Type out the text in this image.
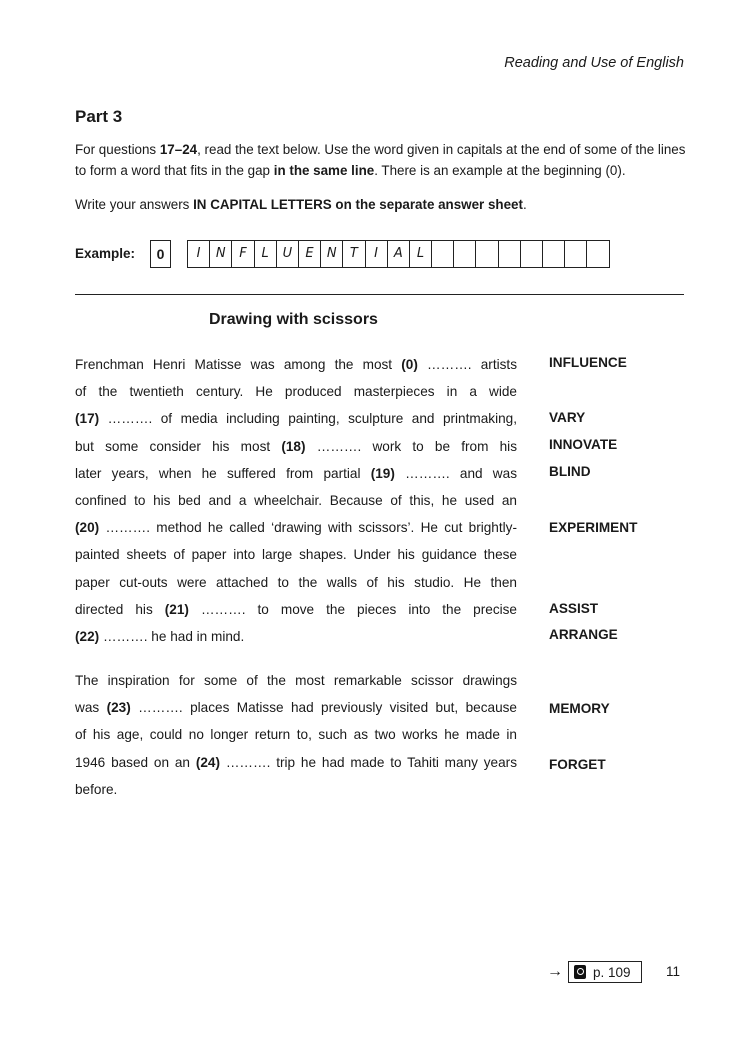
Reading and Use of English
Part 3
For questions 17–24, read the text below. Use the word given in capitals at the end of some of the lines to form a word that fits in the gap in the same line. There is an example at the beginning (0).
Write your answers IN CAPITAL LETTERS on the separate answer sheet.
Example:	0	I	N	F	L	U	E	N	T	I	A	L
Drawing with scissors
Frenchman Henri Matisse was among the most (0) ………. artists
of the twentieth century. He produced masterpieces in a wide
(17) ………. of media including painting, sculpture and printmaking,
but some consider his most (18) ………. work to be from his
later years, when he suffered from partial (19) ………. and was
confined to his bed and a wheelchair. Because of this, he used an
(20) ………. method he called ‘drawing with scissors’. He cut brightly-
painted sheets of paper into large shapes. Under his guidance these
paper cut-outs were attached to the walls of his studio. He then
directed his (21) ………. to move the pieces into the precise
(22) ………. he had in mind.
The inspiration for some of the most remarkable scissor drawings
was (23) ………. places Matisse had previously visited but, because
of his age, could no longer return to, such as two works he made in
1946 based on an (24) ………. trip he had made to Tahiti many years
before.
INFLUENCE
VARY
INNOVATE
BLIND
EXPERIMENT
ASSIST
ARRANGE
MEMORY
FORGET
→ p. 109	11
